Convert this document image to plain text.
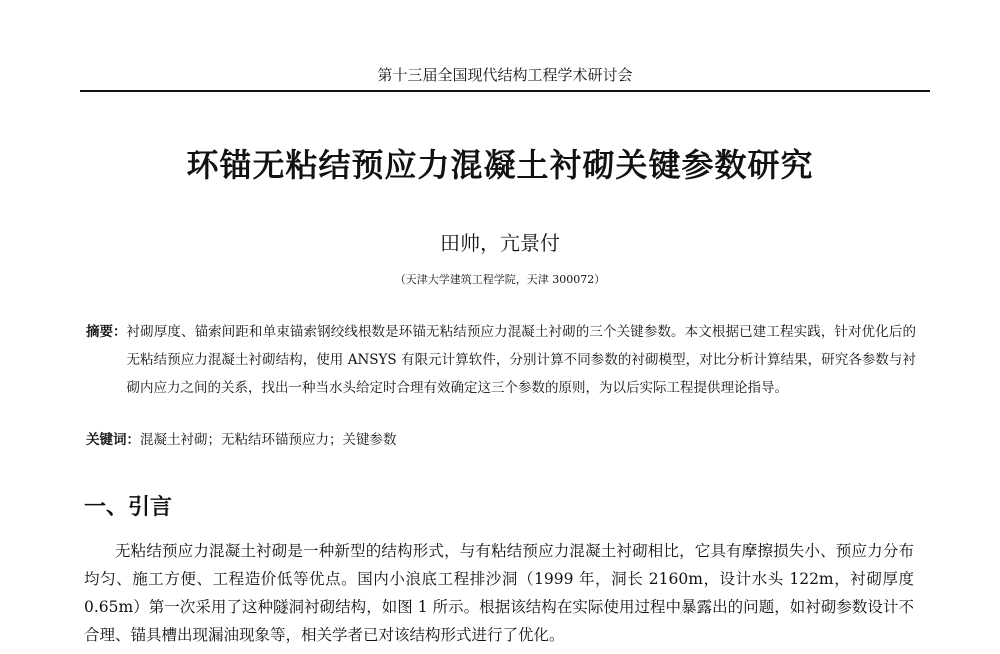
第十三届全国现代结构工程学术研讨会
环锚无粘结预应力混凝土衬砌关键参数研究
田帅，亢景付
（天津大学建筑工程学院，天津 300072）
摘要： 衬砌厚度、锚索间距和单束锚索钢绞线根数是环锚无粘结预应力混凝土衬砌的三个关键参数。本文根据已建工程实践，针对优化后的无粘结预应力混凝土衬砌结构，使用 ANSYS 有限元计算软件，分别计算不同参数的衬砌模型，对比分析计算结果，研究各参数与衬砌内应力之间的关系，找出一种当水头给定时合理有效确定这三个参数的原则，为以后实际工程提供理论指导。
关键词：混凝土衬砌；无粘结环锚预应力；关键参数
一、引言
无粘结预应力混凝土衬砌是一种新型的结构形式，与有粘结预应力混凝土衬砌相比，它具有摩擦损失小、预应力分布均匀、施工方便、工程造价低等优点。国内小浪底工程排沙洞（1999 年，洞长 2160m，设计水头 122m，衬砌厚度 0.65m）第一次采用了这种隧洞衬砌结构，如图 1 所示。根据该结构在实际使用过程中暴露出的问题，如衬砌参数设计不合理、锚具槽出现漏油现象等，相关学者已对该结构形式进行了优化。
